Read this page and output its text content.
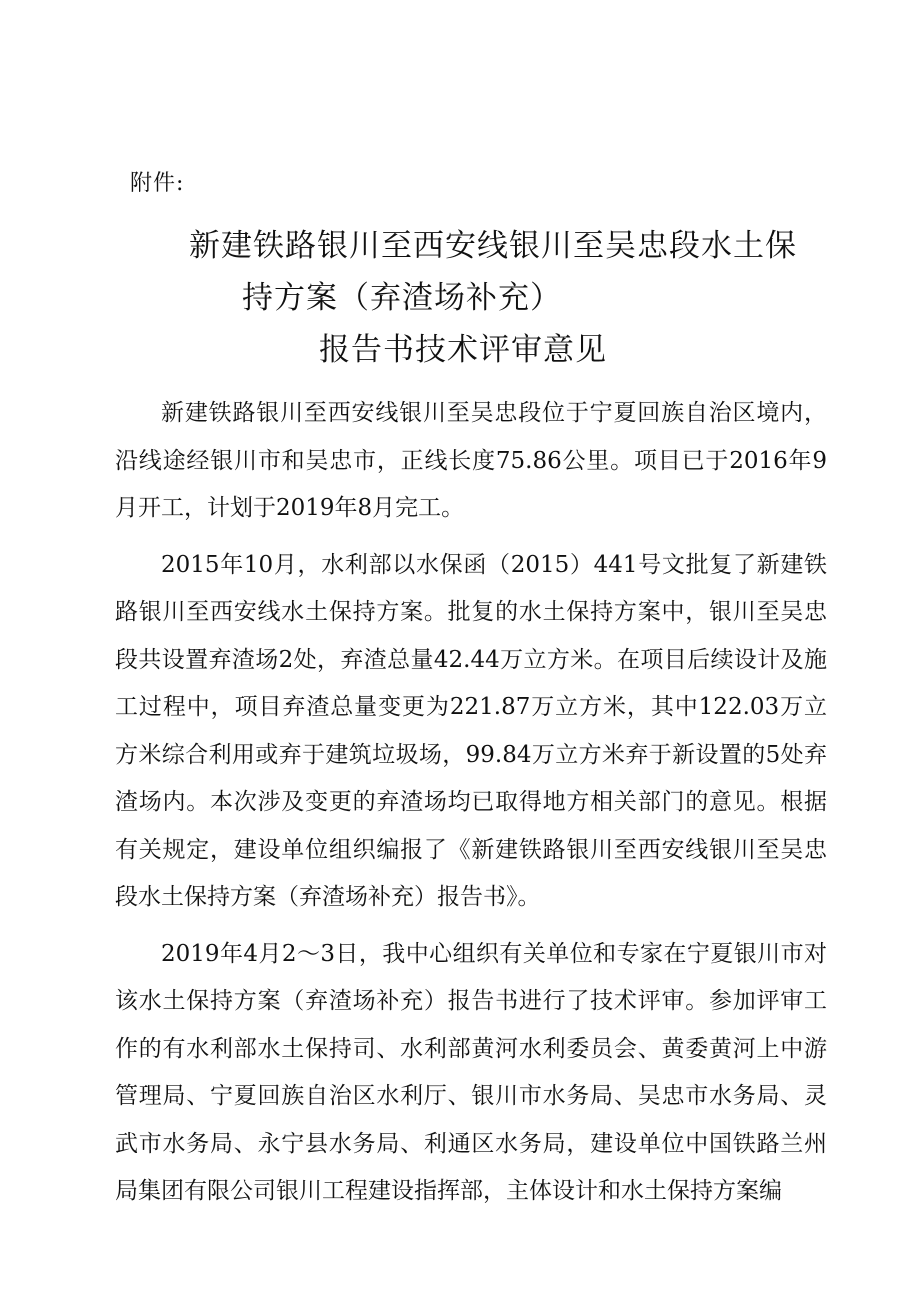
附件:
新建铁路银川至西安线银川至吴忠段水土保
持方案（弃渣场补充）
报告书技术评审意见

新建铁路银川至西安线银川至吴忠段位于宁夏回族自治区境内，沿线途经银川市和吴忠市，正线长度75.86公里。项目已于2016年9月开工，计划于2019年8月完工。

2015年10月，水利部以水保函（2015）441号文批复了新建铁路银川至西安线水土保持方案。批复的水土保持方案中，银川至吴忠段共设置弃渣场2处，弃渣总量42.44万立方米。在项目后续设计及施工过程中，项目弃渣总量变更为221.87万立方米，其中122.03万立方米综合利用或弃于建筑垃圾场，99.84万立方米弃于新设置的5处弃渣场内。本次涉及变更的弃渣场均已取得地方相关部门的意见。根据有关规定，建设单位组织编报了《新建铁路银川至西安线银川至吴忠段水土保持方案（弃渣场补充）报告书》。

2019年4月2～3日，我中心组织有关单位和专家在宁夏银川市对该水土保持方案（弃渣场补充）报告书进行了技术评审。参加评审工作的有水利部水土保持司、水利部黄河水利委员会、黄委黄河上中游管理局、宁夏回族自治区水利厅、银川市水务局、吴忠市水务局、灵武市水务局、永宁县水务局、利通区水务局，建设单位中国铁路兰州局集团有限公司银川工程建设指挥部，主体设计和水土保持方案编
